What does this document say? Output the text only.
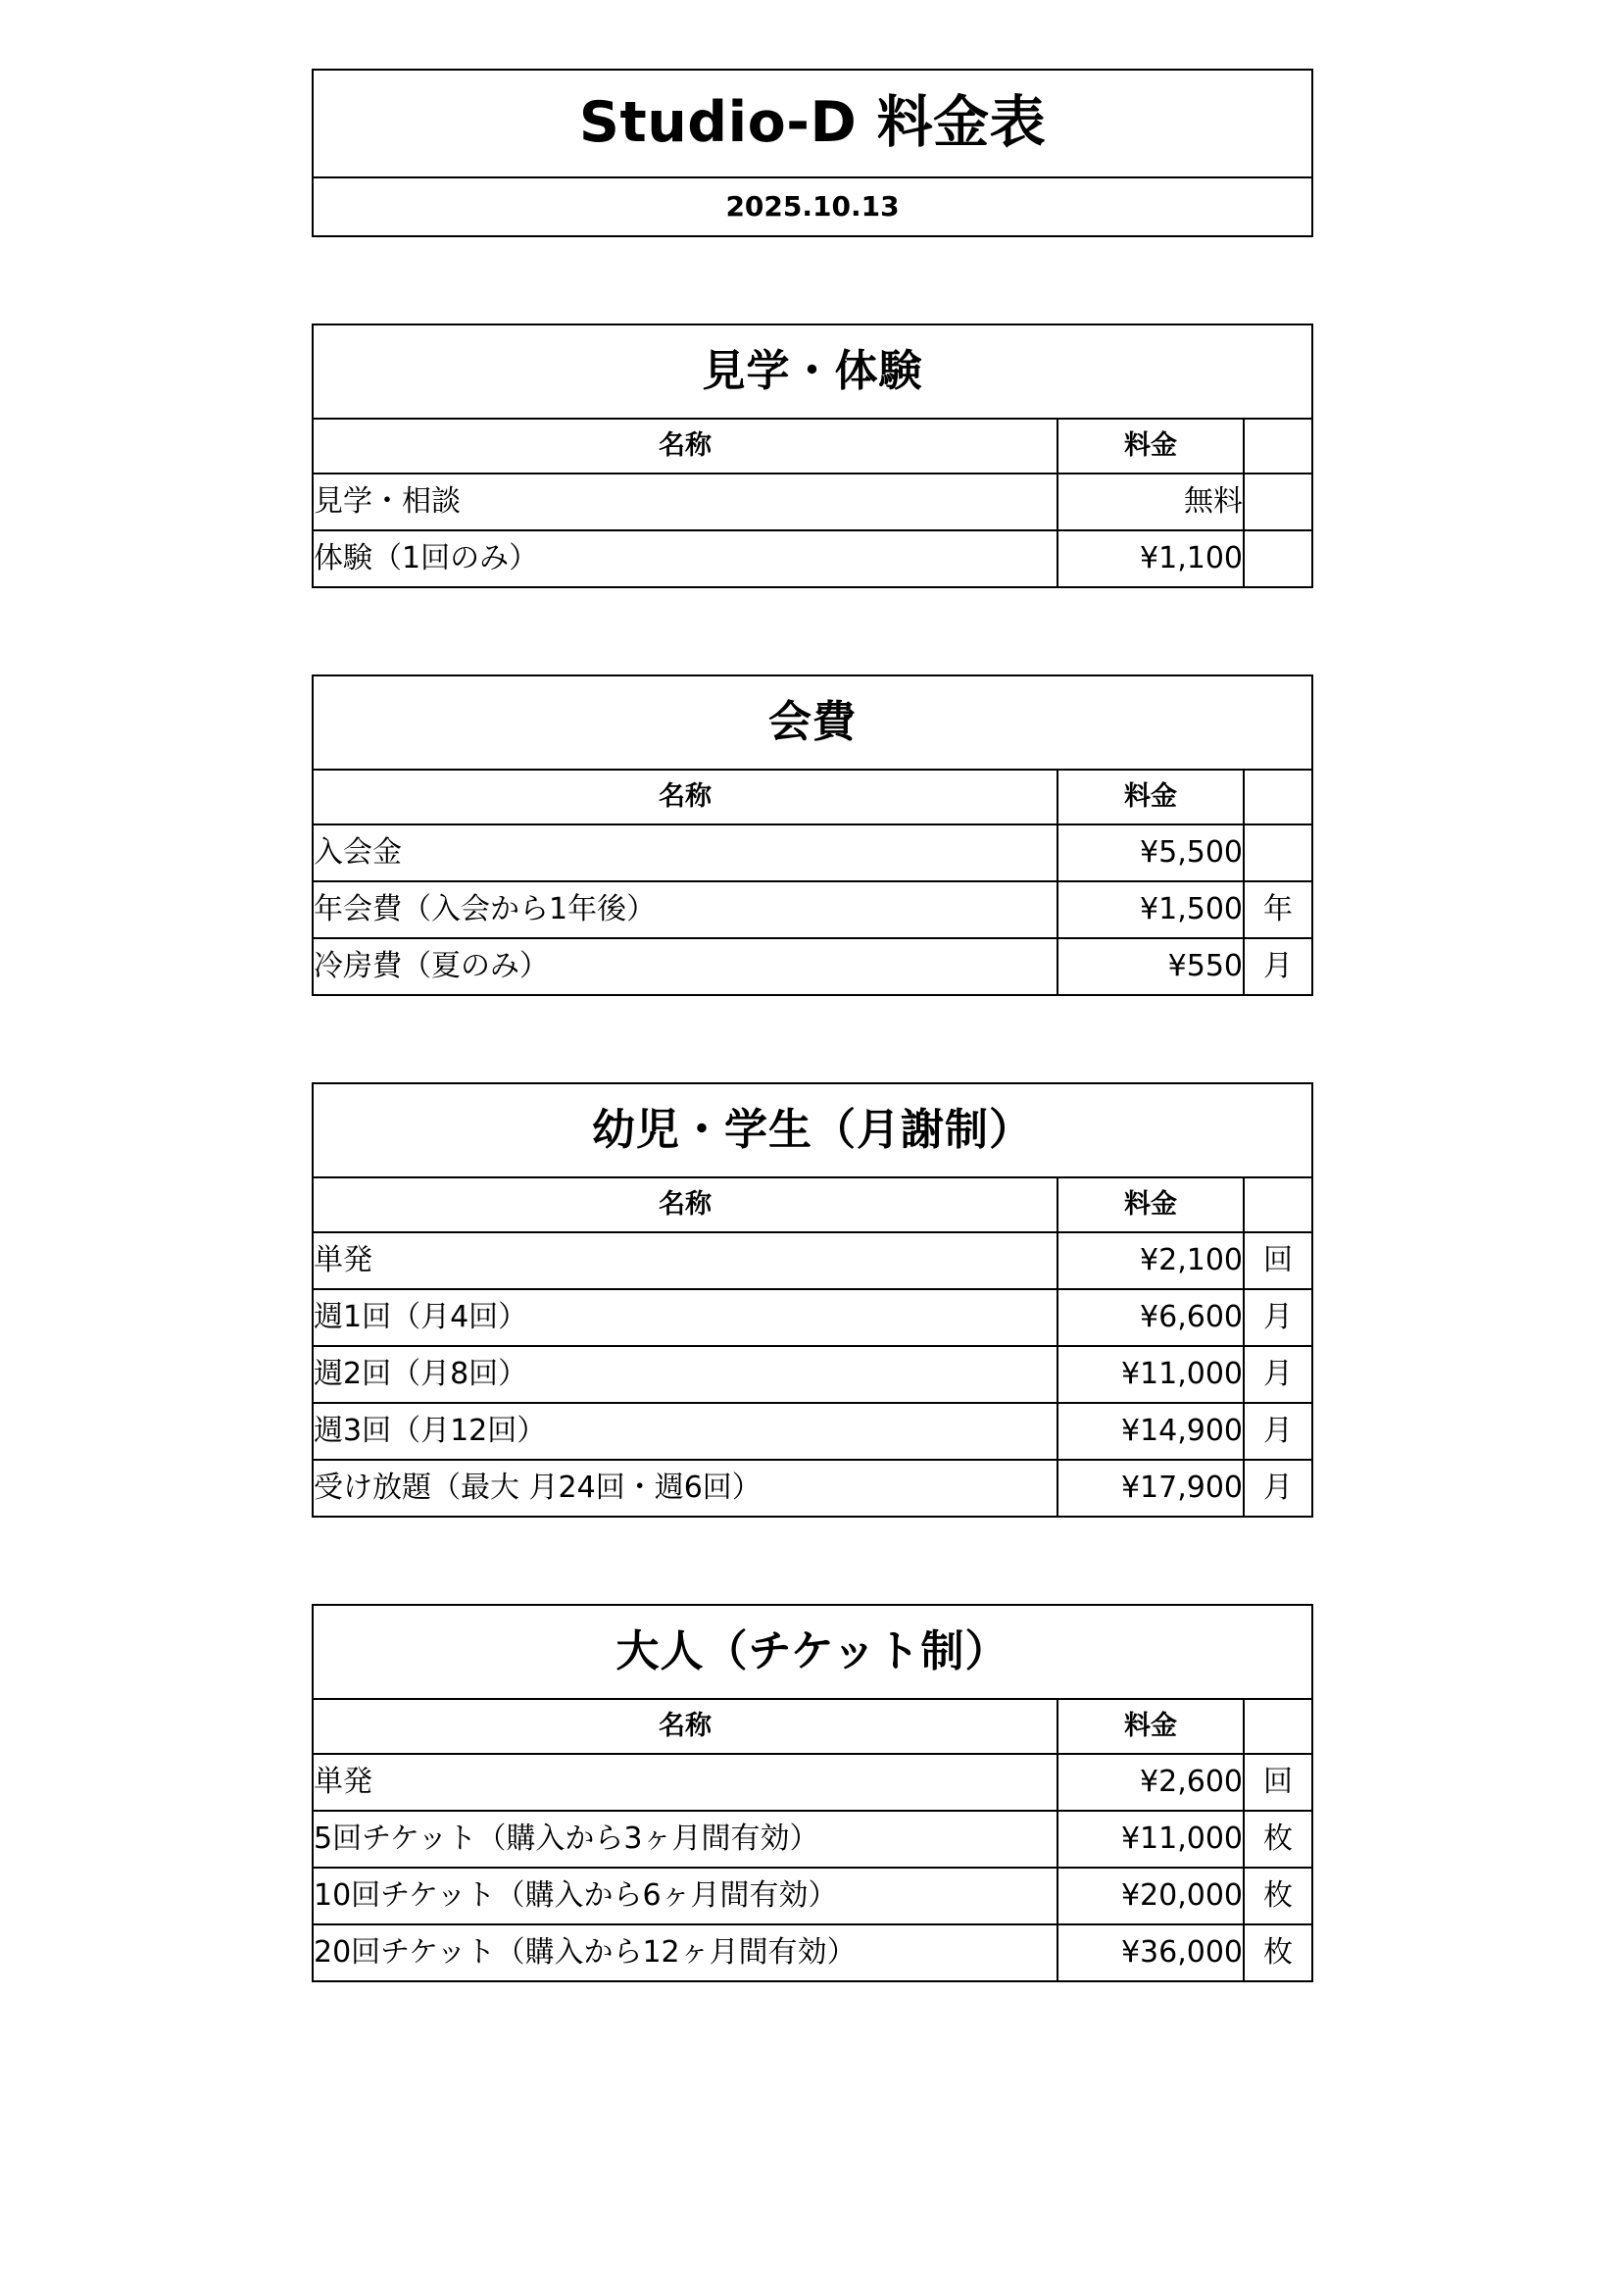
Studio-D 料金表
2025.10.13
見学・体験		
名称	料金	
見学・相談	無料	
体験（1回のみ）	¥1,100	
会費		
名称	料金	
入会金	¥5,500	
年会費（入会から1年後）	¥1,500	年
冷房費（夏のみ）	¥550	月
幼児・学生（月謝制）		
名称	料金	
単発	¥2,100	回
週1回（月4回）	¥6,600	月
週2回（月8回）	¥11,000	月
週3回（月12回）	¥14,900	月
受け放題（最大 月24回・週6回）	¥17,900	月
大人（チケット制）		
名称	料金	
単発	¥2,600	回
5回チケット（購入から3ヶ月間有効）	¥11,000	枚
10回チケット（購入から6ヶ月間有効）	¥20,000	枚
20回チケット（購入から12ヶ月間有効）	¥36,000	枚
